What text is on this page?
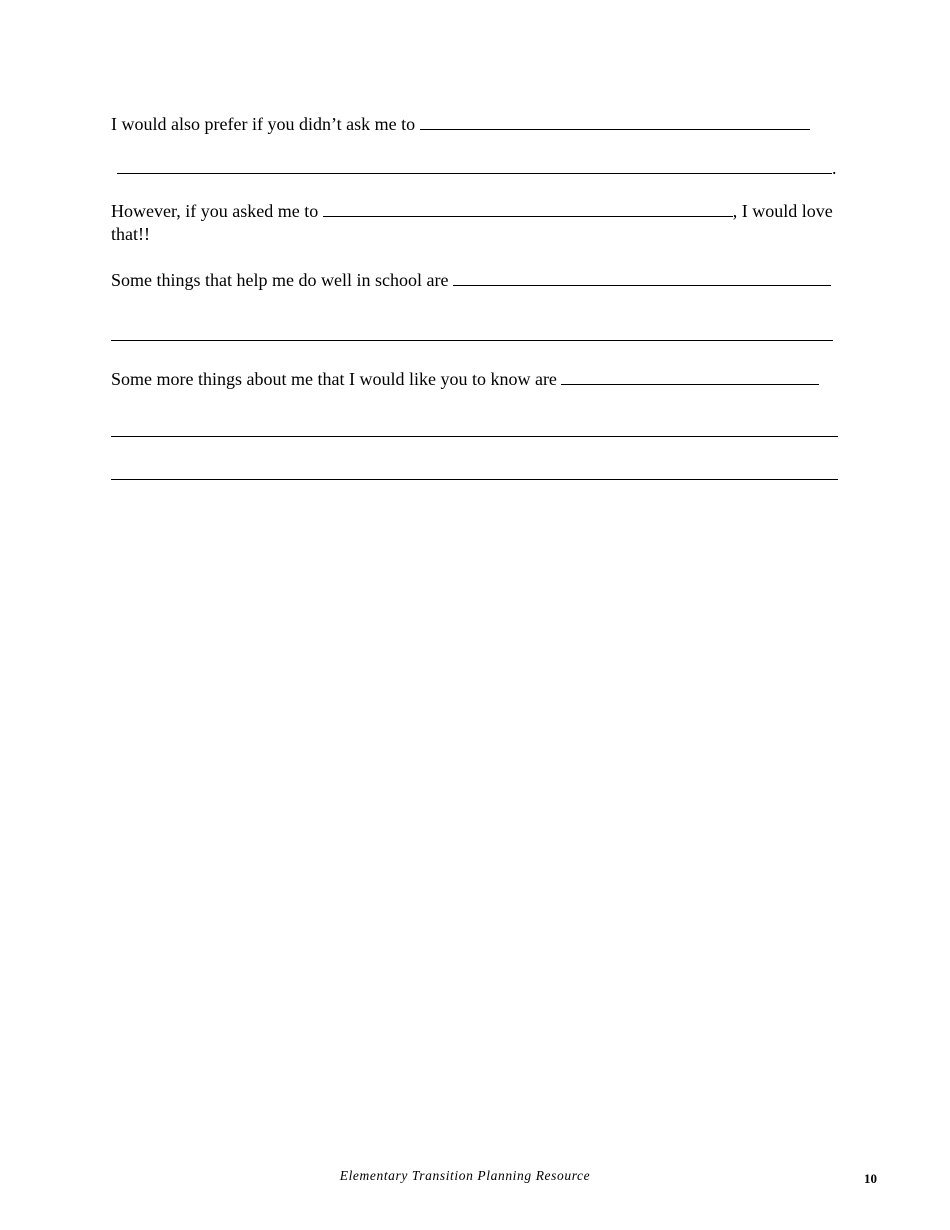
I would also prefer if you didn’t ask me to
.
However, if you asked me to	, I would love
that!!
Some things that help me do well in school are
Some more things about me that I would like you to know are
Elementary Transition Planning Resource	10
